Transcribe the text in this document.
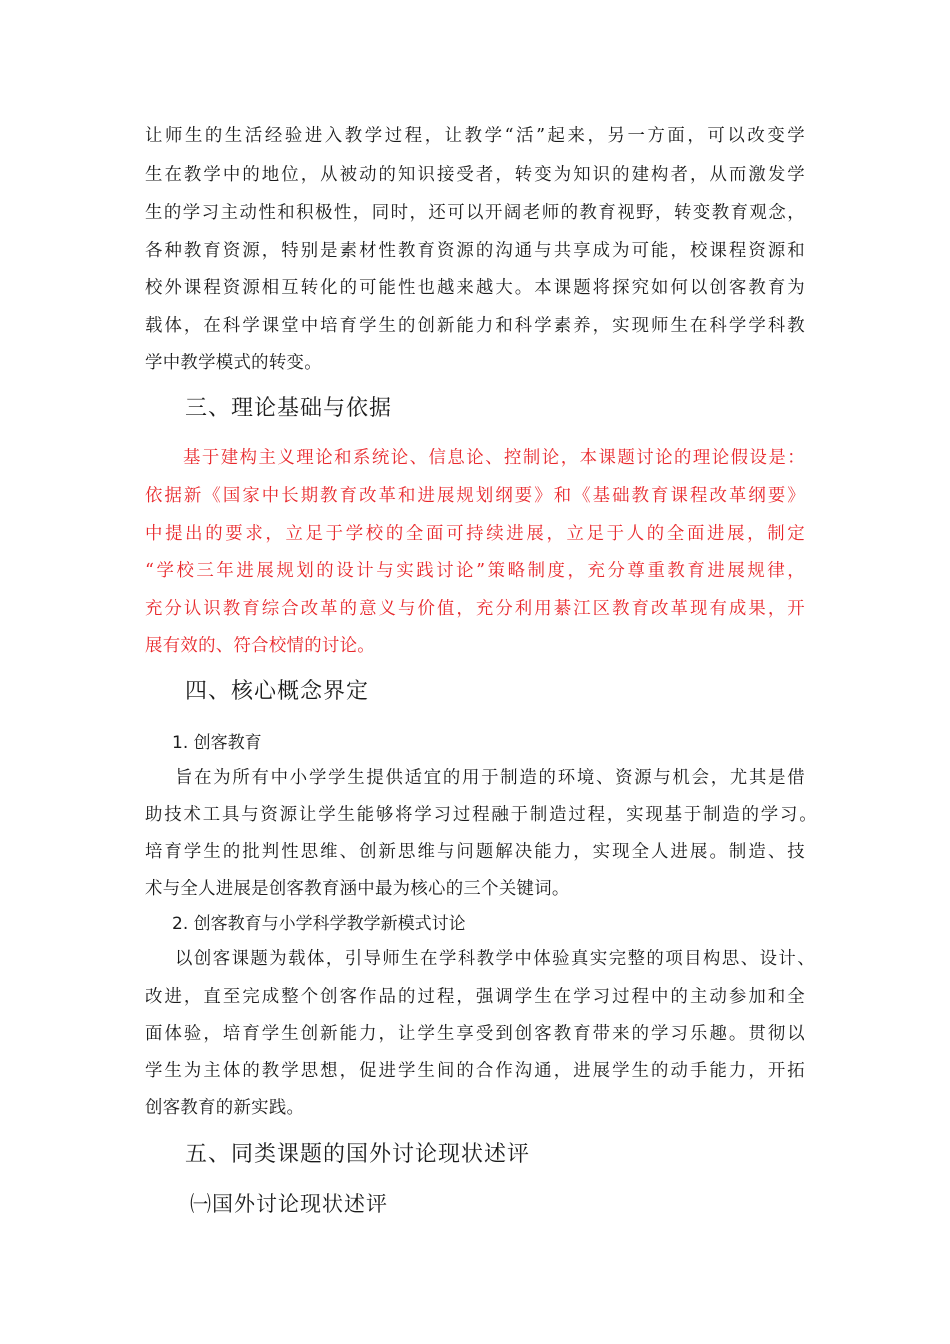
让师生的生活经验进入教学过程，让教学“活”起来，另一方面，可以改变学
生在教学中的地位，从被动的知识接受者，转变为知识的建构者，从而激发学
生的学习主动性和积极性，同时，还可以开阔老师的教育视野，转变教育观念，
各种教育资源，特别是素材性教育资源的沟通与共享成为可能，校课程资源和
校外课程资源相互转化的可能性也越来越大。本课题将探究如何以创客教育为
载体，在科学课堂中培育学生的创新能力和科学素养，实现师生在科学学科教
学中教学模式的转变。
三、理论基础与依据
基于建构主义理论和系统论、信息论、控制论，本课题讨论的理论假设是：
依据新《国家中长期教育改革和进展规划纲要》和《基础教育课程改革纲要》
中提出的要求，立足于学校的全面可持续进展，立足于人的全面进展，制定
“学校三年进展规划的设计与实践讨论”策略制度，充分尊重教育进展规律，
充分认识教育综合改革的意义与价值，充分利用綦江区教育改革现有成果，开
展有效的、符合校情的讨论。
四、核心概念界定
1. 创客教育
旨在为所有中小学学生提供适宜的用于制造的环境、资源与机会，尤其是借
助技术工具与资源让学生能够将学习过程融于制造过程，实现基于制造的学习。
培育学生的批判性思维、创新思维与问题解决能力，实现全人进展。制造、技
术与全人进展是创客教育涵中最为核心的三个关键词。
2. 创客教育与小学科学教学新模式讨论
以创客课题为载体，引导师生在学科教学中体验真实完整的项目构思、设计、
改进，直至完成整个创客作品的过程，强调学生在学习过程中的主动参加和全
面体验，培育学生创新能力，让学生享受到创客教育带来的学习乐趣。贯彻以
学生为主体的教学思想，促进学生间的合作沟通，进展学生的动手能力，开拓
创客教育的新实践。
五、同类课题的国外讨论现状述评
㈠国外讨论现状述评
